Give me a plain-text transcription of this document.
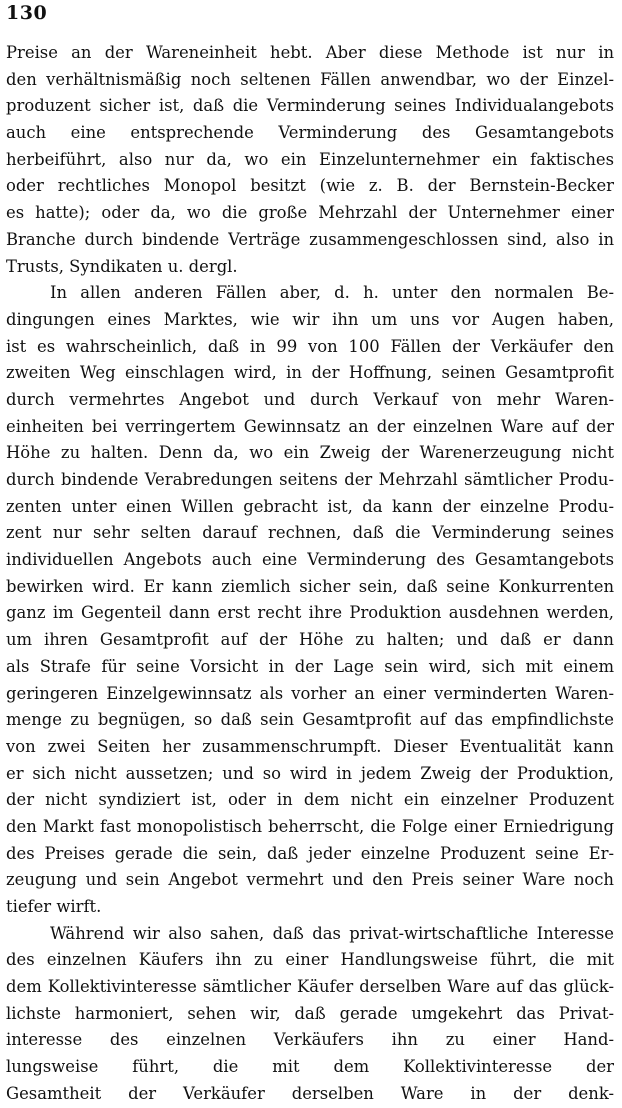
130
Preise an der Wareneinheit hebt. Aber diese Methode ist nur in
den verhältnismäßig noch seltenen Fällen anwendbar, wo der Einzel-
produzent sicher ist, daß die Verminderung seines Individualangebots
auch eine entsprechende Verminderung des Gesamtangebots
herbeiführt, also nur da, wo ein Einzelunternehmer ein faktisches
oder rechtliches Monopol besitzt (wie z. B. der Bernstein-Becker
es hatte); oder da, wo die große Mehrzahl der Unternehmer einer
Branche durch bindende Verträge zusammengeschlossen sind, also in
Trusts, Syndikaten u. dergl.
In allen anderen Fällen aber, d. h. unter den normalen Be-
dingungen eines Marktes, wie wir ihn um uns vor Augen haben,
ist es wahrscheinlich, daß in 99 von 100 Fällen der Verkäufer den
zweiten Weg einschlagen wird, in der Hoffnung, seinen Gesamtprofit
durch vermehrtes Angebot und durch Verkauf von mehr Waren-
einheiten bei verringertem Gewinnsatz an der einzelnen Ware auf der
Höhe zu halten. Denn da, wo ein Zweig der Warenerzeugung nicht
durch bindende Verabredungen seitens der Mehrzahl sämtlicher Produ-
zenten unter einen Willen gebracht ist, da kann der einzelne Produ-
zent nur sehr selten darauf rechnen, daß die Verminderung seines
individuellen Angebots auch eine Verminderung des Gesamtangebots
bewirken wird. Er kann ziemlich sicher sein, daß seine Konkurrenten
ganz im Gegenteil dann erst recht ihre Produktion ausdehnen werden,
um ihren Gesamtprofit auf der Höhe zu halten; und daß er dann
als Strafe für seine Vorsicht in der Lage sein wird, sich mit einem
geringeren Einzelgewinnsatz als vorher an einer verminderten Waren-
menge zu begnügen, so daß sein Gesamtprofit auf das empfindlichste
von zwei Seiten her zusammenschrumpft. Dieser Eventualität kann
er sich nicht aussetzen; und so wird in jedem Zweig der Produktion,
der nicht syndiziert ist, oder in dem nicht ein einzelner Produzent
den Markt fast monopolistisch beherrscht, die Folge einer Erniedrigung
des Preises gerade die sein, daß jeder einzelne Produzent seine Er-
zeugung und sein Angebot vermehrt und den Preis seiner Ware noch
tiefer wirft.
Während wir also sahen, daß das privat-wirtschaftliche Interesse
des einzelnen Käufers ihn zu einer Handlungsweise führt, die mit
dem Kollektivinteresse sämtlicher Käufer derselben Ware auf das glück-
lichste harmoniert, sehen wir, daß gerade umgekehrt das Privat-
interesse des einzelnen Verkäufers ihn zu einer Hand-
lungsweise führt, die mit dem Kollektivinteresse der
Gesamtheit der Verkäufer derselben Ware in der denk-
